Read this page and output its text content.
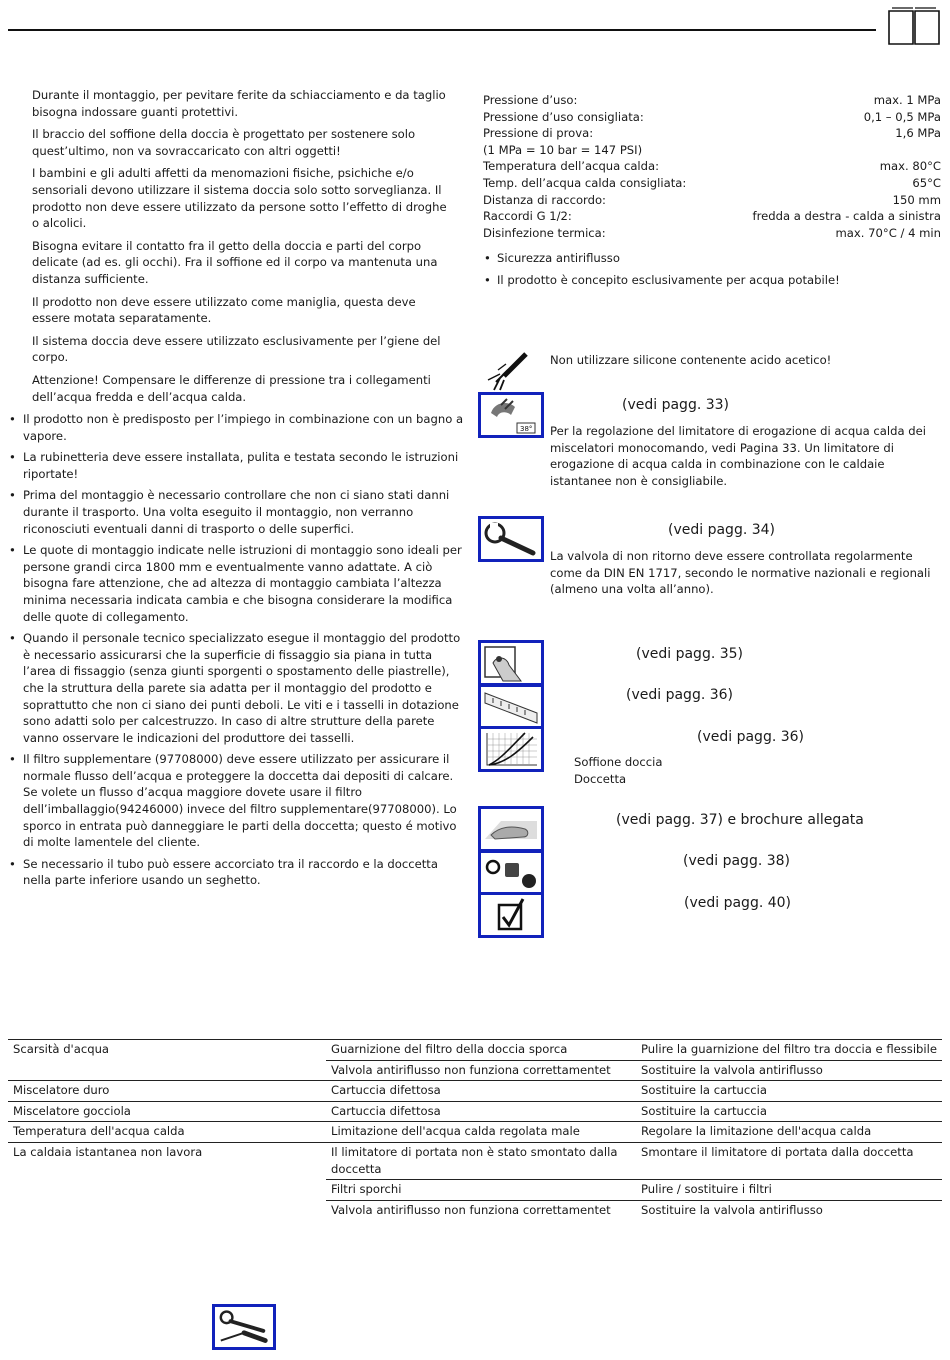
Durante il montaggio, per pevitare ferite da schiacciamento e da taglio bisogna indossare guanti protettivi.

Il braccio del soffione della doccia è progettato per sostenere solo quest’ultimo, non va sovraccaricato con altri oggetti!

I bambini e gli adulti affetti da menomazioni fisiche, psichiche e/o sensoriali devono utilizzare il sistema doccia solo sotto sorveglianza. Il prodotto non deve essere utilizzato da persone sotto l’effetto di droghe o alcolici.

Bisogna evitare il contatto fra il getto della doccia e parti del corpo delicate (ad es. gli occhi). Fra il soffione ed il corpo va mantenuta una distanza sufficiente.

Il prodotto non deve essere utilizzato come maniglia, questa deve essere motata separatamente.

Il sistema doccia deve essere utilizzato esclusivamente per l’giene del corpo.

Attenzione! Compensare le differenze di pressione tra i collegamenti dell’acqua fredda e dell’acqua calda.

• Il prodotto non è predisposto per l’impiego in combinazione con un bagno a vapore.
• La rubinetteria deve essere installata, pulita e testata secondo le istruzioni riportate!
• Prima del montaggio è necessario controllare che non ci siano stati danni durante il trasporto. Una volta eseguito il montaggio, non verranno riconosciuti eventuali danni di trasporto o delle superfici.
• Le quote di montaggio indicate nelle istruzioni di montaggio sono ideali per persone grandi circa 1800 mm e eventualmente vanno adattate. A ciò bisogna fare attenzione, che ad altezza di montaggio cambiata l’altezza minima necessaria indicata cambia e che bisogna considerare la modifica delle quote di collegamento.
• Quando il personale tecnico specializzato esegue il montaggio del prodotto è necessario assicurarsi che la superficie di fissaggio sia piana in tutta l’area di fissaggio (senza giunti sporgenti o spostamento delle piastrelle), che la struttura della parete sia adatta per il montaggio del prodotto e soprattutto che non ci siano dei punti deboli. Le viti e i tasselli in dotazione sono adatti solo per calcestruzzo. In caso di altre strutture della parete vanno osservare le indicazioni del produttore dei tasselli.
• Il filtro supplementare (97708000) deve essere utilizzato per assicurare il normale flusso dell’acqua e proteggere la doccetta dai depositi di calcare. Se volete un flusso d’acqua maggiore dovete usare il filtro dell’imballaggio(94246000) invece del filtro supplementare(97708000). Lo sporco in entrata può danneggiare le parti della doccetta; questo é motivo di molte lamentele del cliente.
• Se necessario il tubo può essere accorciato tra il raccordo e la doccetta nella parte inferiore usando un seghetto.
Pressione d’uso:	max. 1 MPa
Pressione d’uso consigliata:	0,1 – 0,5 MPa
Pressione di prova:	1,6 MPa
(1 MPa = 10 bar = 147 PSI)
Temperatura dell’acqua calda:	max. 80°C
Temp. dell’acqua calda consigliata:	65°C
Distanza di raccordo:	150 mm
Raccordi G 1/2:	fredda a destra - calda a sinistra
Disinfezione termica:	max. 70°C / 4 min
• Sicurezza antiriflusso
• Il prodotto è concepito esclusivamente per acqua potabile!
Non utilizzare silicone contenente acido acetico!
38°
(vedi pagg. 33)
Per la regolazione del limitatore di erogazione di acqua calda dei miscelatori monocomando, vedi Pagina 33. Un limitatore di erogazione di acqua calda in combinazione con le caldaie istantanee non è consigliabile.
(vedi pagg. 34)
La valvola di non ritorno deve essere controllata regolarmente come da DIN EN 1717, secondo le normative nazionali e regionali (almeno una volta all’anno).
(vedi pagg. 35)
(vedi pagg. 36)
(vedi pagg. 36)
Soffione doccia
Doccetta
(vedi pagg. 37) e brochure allegata
(vedi pagg. 38)
(vedi pagg. 40)
Scarsità d'acqua	Guarnizione del filtro della doccia sporca	Pulire la guarnizione del filtro tra doccia e flessibile
	Valvola antiriflusso non funziona correttamentet	Sostituire la valvola antiriflusso
Miscelatore duro	Cartuccia difettosa	Sostituire la cartuccia
Miscelatore gocciola	Cartuccia difettosa	Sostituire la cartuccia
Temperatura dell'acqua calda	Limitazione dell'acqua calda regolata male	Regolare la limitazione dell'acqua calda
La caldaia istantanea non lavora	Il limitatore di portata non è stato smontato dalla doccetta	Smontare il limitatore di portata dalla doccetta
	Filtri sporchi	Pulire / sostituire i filtri
	Valvola antiriflusso non funziona correttamentet	Sostituire la valvola antiriflusso
